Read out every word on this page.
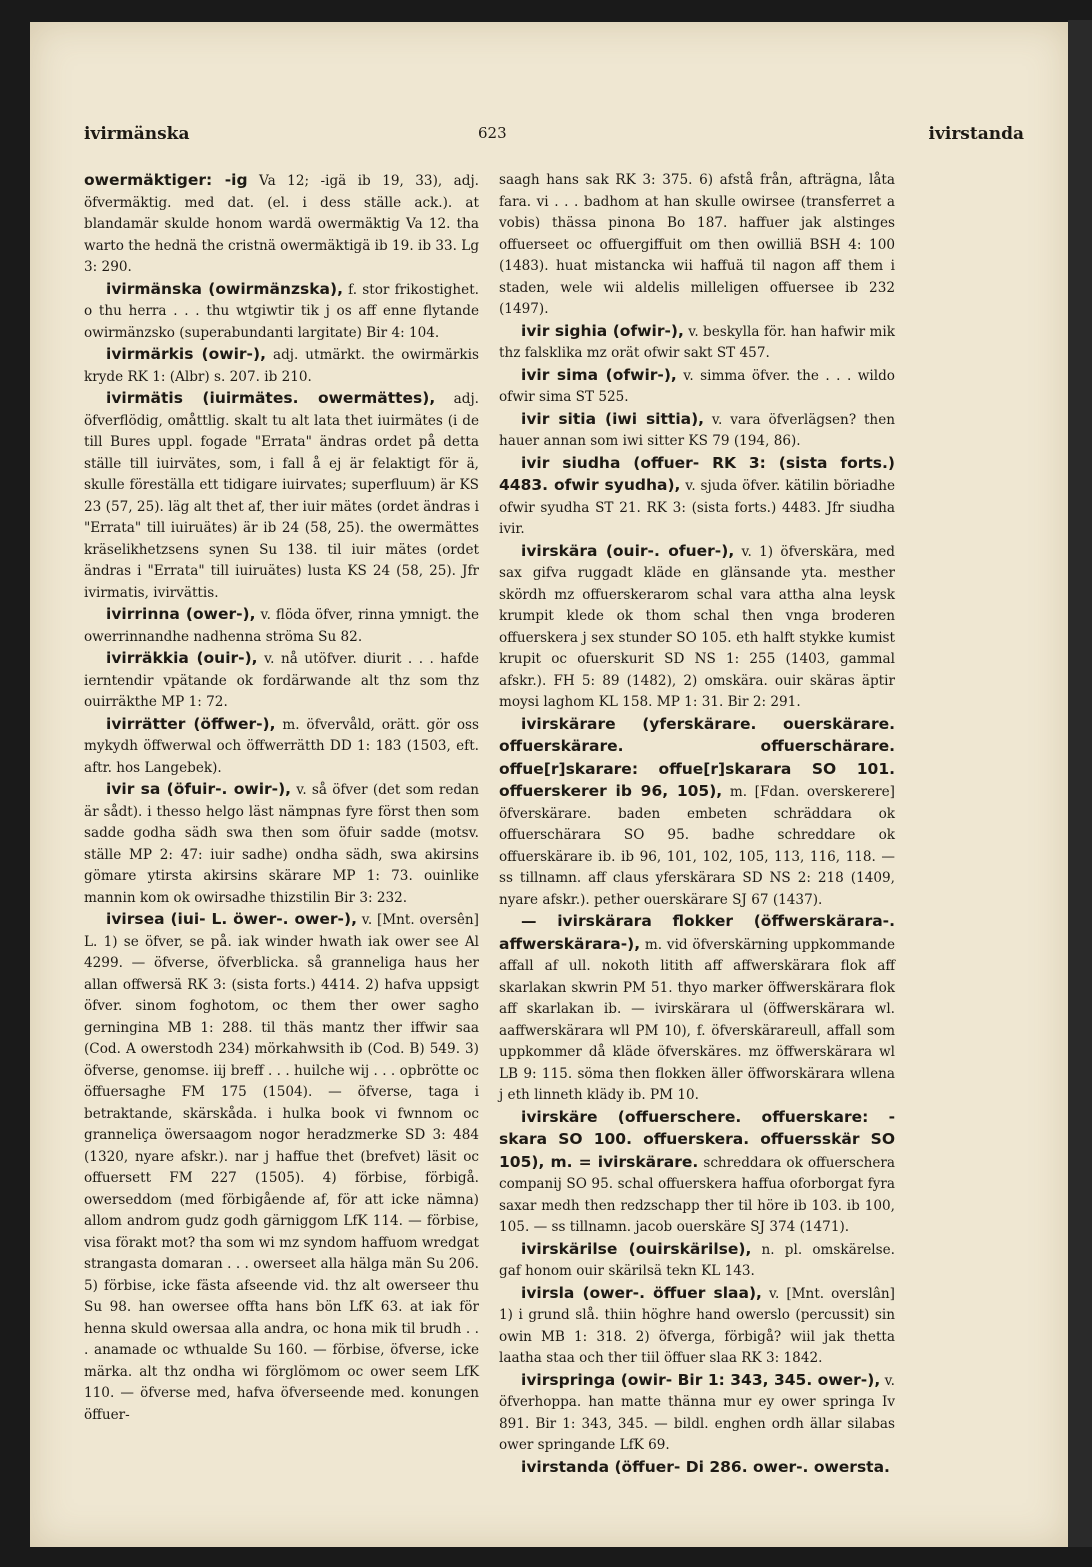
ivirmänska	623	ivirstanda

owermäktiger: -ig Va 12; -igä ib 19, 33), adj. öfvermäktig. med dat. (el. i dess ställe ack.). at blandamär skulde honom wardä owermäktig Va 12. tha warto the hednä the cristnä owermäktigä ib 19. ib 33. Lg 3: 290.

ivirmänska (owirmänzska), f. stor frikostighet. o thu herra . . . thu wtgiwtir tik j os aff enne flytande owirmänzsko (superabundanti largitate) Bir 4: 104.

ivirmärkis (owir-), adj. utmärkt. the owirmärkis kryde RK 1: (Albr) s. 207. ib 210.

ivirmätis (iuirmätes. owermättes), adj. öfverflödig, omåttlig. skalt tu alt lata thet iuirmätes (i de till Bures uppl. fogade "Errata" ändras ordet på detta ställe till iuirvätes, som, i fall å ej är felaktigt för ä, skulle föreställa ett tidigare iuirvates; superfluum) är KS 23 (57, 25). läg alt thet af, ther iuir mätes (ordet ändras i "Errata" till iuiruätes) är ib 24 (58, 25). the owermättes kräselikhetzsens synen Su 138. til iuir mätes (ordet ändras i "Errata" till iuiruätes) lusta KS 24 (58, 25). Jfr ivirmatis, ivirvättis.

ivirrinna (ower-), v. flöda öfver, rinna ymnigt. the owerrinnandhe nadhenna ströma Su 82.

ivirräkkia (ouir-), v. nå utöfver. diurit . . . hafde ierntendir vpätande ok fordärwande alt thz som thz ouirräkthe MP 1: 72.

ivirrätter (öffwer-), m. öfvervåld, orätt. gör oss mykydh öffwerwal och öffwerrätth DD 1: 183 (1503, eft. aftr. hos Langebek).

ivir sa (öfuir-. owir-), v. så öfver (det som redan är sådt). i thesso helgo läst nämpnas fyre först then som sadde godha sädh swa then som öfuir sadde (motsv. ställe MP 2: 47: iuir sadhe) ondha sädh, swa akirsins gömare ytirsta akirsins skärare MP 1: 73. ouinlike mannin kom ok owirsadhe thizstilin Bir 3: 232.

ivirsea (iui- L. öwer-. ower-), v. [Mnt. oversên] L. 1) se öfver, se på. iak winder hwath iak ower see Al 4299. — öfverse, öfverblicka. så granneliga haus her allan offwersä RK 3: (sista forts.) 4414. 2) hafva uppsigt öfver. sinom foghotom, oc them ther ower sagho gerningina MB 1: 288. til thäs mantz ther iffwir saa (Cod. A owerstodh 234) mörkahwsith ib (Cod. B) 549. 3) öfverse, genomse. iij breff . . . huilche wij . . . opbrötte oc öffuersaghe FM 175 (1504). — öfverse, taga i betraktande, skärskåda. i hulka book vi fwnnom oc granneliça öwersaagom nogor heradzmerke SD 3: 484 (1320, nyare afskr.). nar j haffue thet (brefvet) läsit oc offuersett FM 227 (1505). 4) förbise, förbigå. owerseddom (med förbigående af, för att icke nämna) allom androm gudz godh gärniggom LfK 114. — förbise, visa förakt mot? tha som wi mz syndom haffuom wredgat strangasta domaran . . . owerseet alla hälga män Su 206. 5) förbise, icke fästa afseende vid. thz alt owerseer thu Su 98. han owersee offta hans bön LfK 63. at iak för henna skuld owersaa alla andra, oc hona mik til brudh . . . anamade oc wthualde Su 160. — förbise, öfverse, icke märka. alt thz ondha wi förglömom oc ower seem LfK 110. — öfverse med, hafva öfverseende med. konungen öffuer-

saagh hans sak RK 3: 375. 6) afstå från, afträgna, låta fara. vi . . . badhom at han skulle owirsee (transferret a vobis) thässa pinona Bo 187. haffuer jak alstinges offuerseet oc offuergiffuit om then owilliä BSH 4: 100 (1483). huat mistancka wii haffuä til nagon aff them i staden, wele wii aldelis milleligen offuersee ib 232 (1497).

ivir sighia (ofwir-), v. beskylla för. han hafwir mik thz falsklika mz orät ofwir sakt ST 457.

ivir sima (ofwir-), v. simma öfver. the . . . wildo ofwir sima ST 525.

ivir sitia (iwi sittia), v. vara öfverlägsen? then hauer annan som iwi sitter KS 79 (194, 86).

ivir siudha (offuer- RK 3: (sista forts.) 4483. ofwir syudha), v. sjuda öfver. kätilin böriadhe ofwir syudha ST 21. RK 3: (sista forts.) 4483. Jfr siudha ivir.

ivirskära (ouir-. ofuer-), v. 1) öfverskära, med sax gifva ruggadt kläde en glänsande yta. mesther skördh mz offuerskerarom schal vara attha alna leysk krumpit klede ok thom schal then vnga broderen offuerskera j sex stunder SO 105. eth halft stykke kumist krupit oc ofuerskurit SD NS 1: 255 (1403, gammal afskr.). FH 5: 89 (1482), 2) omskära. ouir skäras äptir moysi laghom KL 158. MP 1: 31. Bir 2: 291.

ivirskärare (yferskärare. ouerskärare. offuerskärare. offuerschärare. offue[r]skarare: offue[r]skarara SO 101. offuerskerer ib 96, 105), m. [Fdan. overskerere] öfverskärare. baden embeten schräddara ok offuerschärara SO 95. badhe schreddare ok offuerskärare ib. ib 96, 101, 102, 105, 113, 116, 118. — ss tillnamn. aff claus yferskärara SD NS 2: 218 (1409, nyare afskr.). pether ouerskärare SJ 67 (1437).

— ivirskärara flokker (öffwerskärara-. affwerskärara-), m. vid öfverskärning uppkommande affall af ull. nokoth litith aff affwerskärara flok aff skarlakan skwrin PM 51. thyo marker öffwerskärara flok aff skarlakan ib. — ivirskärara ul (öffwerskärara wl. aaffwerskärara wll PM 10), f. öfverskärareull, affall som uppkommer då kläde öfverskäres. mz öffwerskärara wl LB 9: 115. söma then flokken äller öffworskärara wllena j eth linneth klädy ib. PM 10.

ivirskäre (offuerschere. offuerskare: -skara SO 100. offuerskera. offuersskär SO 105), m. = ivirskärare. schreddara ok offuerschera companij SO 95. schal offuerskera haffua oforborgat fyra saxar medh then redzschapp ther til höre ib 103. ib 100, 105. — ss tillnamn. jacob ouerskäre SJ 374 (1471).

ivirskärilse (ouirskärilse), n. pl. omskärelse. gaf honom ouir skärilsä tekn KL 143.

ivirsla (ower-. öffuer slaa), v. [Mnt. overslân] 1) i grund slå. thiin höghre hand owerslo (percussit) sin owin MB 1: 318. 2) öfverga, förbigå? wiil jak thetta laatha staa och ther tiil öffuer slaa RK 3: 1842.

ivirspringa (owir- Bir 1: 343, 345. ower-), v. öfverhoppa. han matte thänna mur ey ower springa Iv 891. Bir 1: 343, 345. — bildl. enghen ordh ällar silabas ower springande LfK 69.

ivirstanda (öffuer- Di 286. ower-. owersta.
